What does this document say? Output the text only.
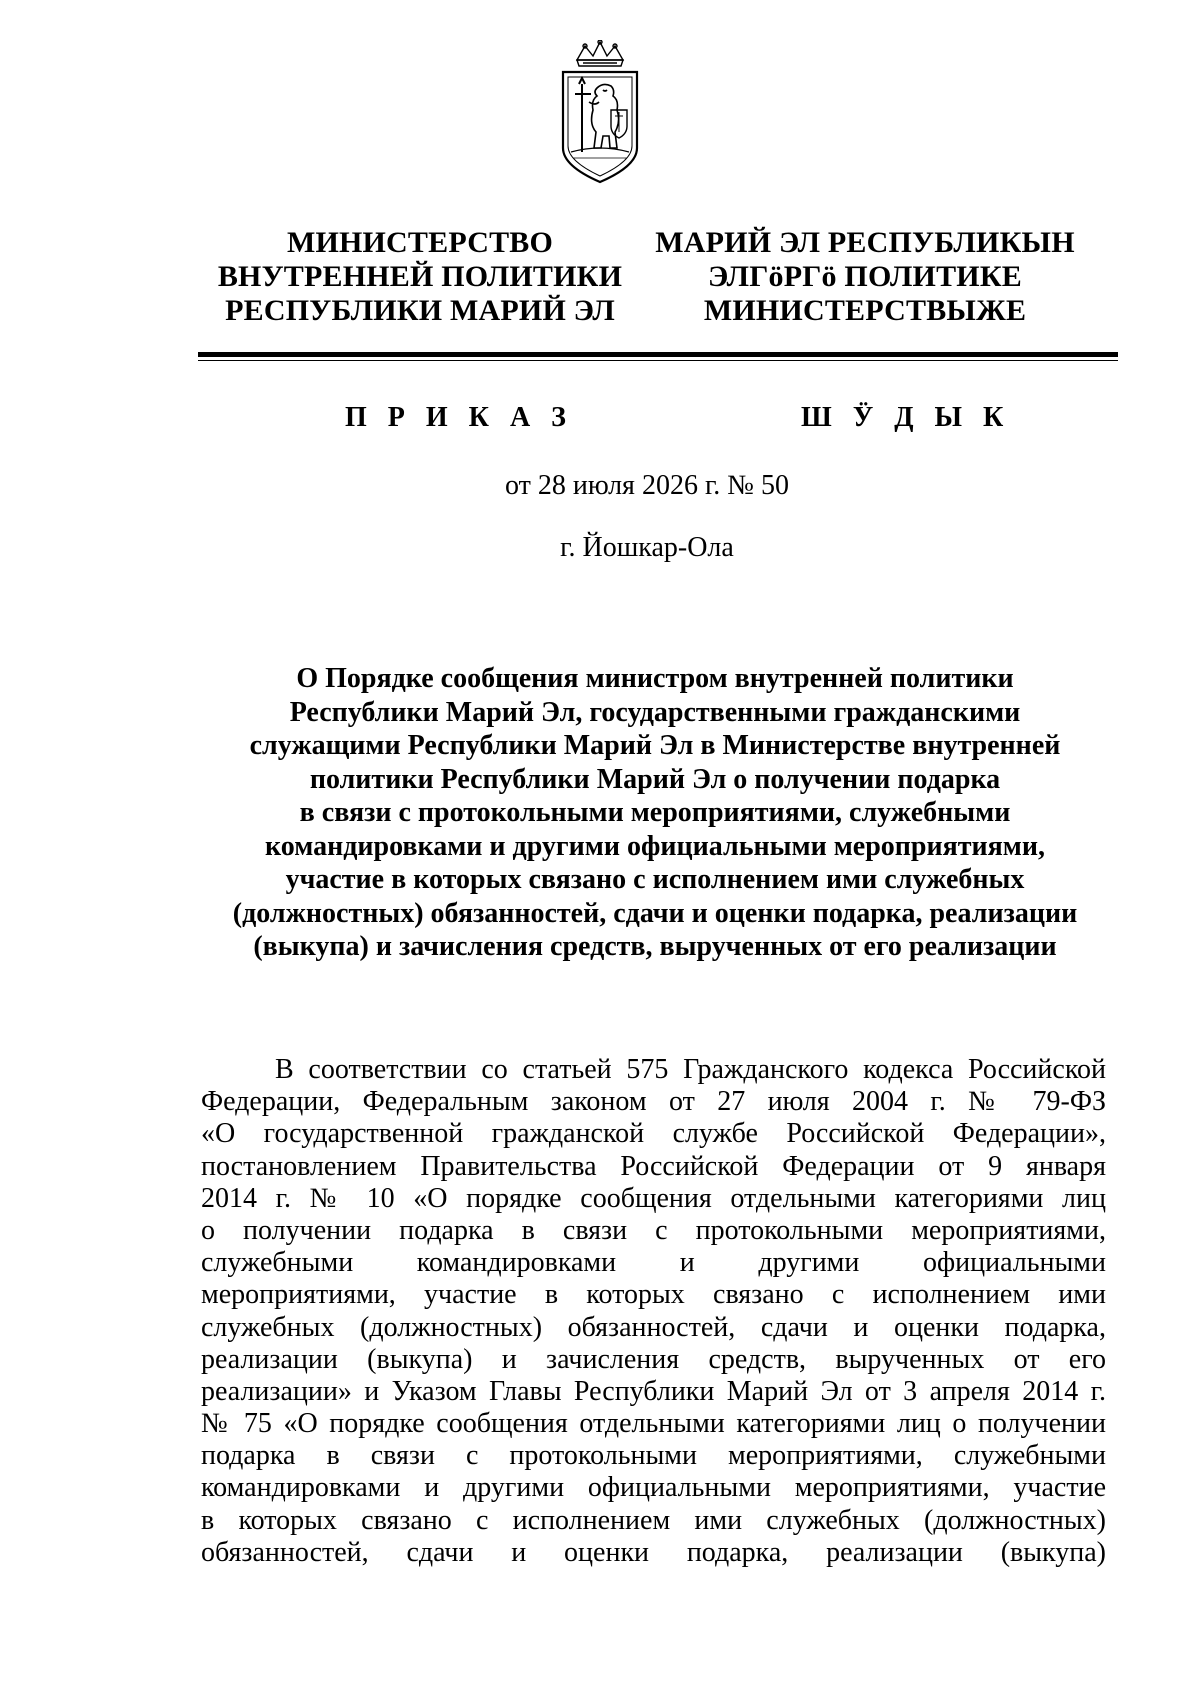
МИНИСТЕРСТВО
ВНУТРЕННЕЙ ПОЛИТИКИ
РЕСПУБЛИКИ МАРИЙ ЭЛ
МАРИЙ ЭЛ РЕСПУБЛИКЫН
ЭЛГӧРГӧ ПОЛИТИКЕ
МИНИСТЕРСТВЫЖЕ
П Р И К А З	Ш Ӱ Д Ы К
от 28 июля 2026 г. № 50
г. Йошкар-Ола
О Порядке сообщения министром внутренней политики
Республики Марий Эл, государственными гражданскими
служащими Республики Марий Эл в Министерстве внутренней
политики Республики Марий Эл о получении подарка
в связи с протокольными мероприятиями, служебными
командировками и другими официальными мероприятиями,
участие в которых связано с исполнением ими служебных
(должностных) обязанностей, сдачи и оценки подарка, реализации
(выкупа) и зачисления средств, вырученных от его реализации
В соответствии со статьей 575 Гражданского кодекса Российской
Федерации, Федеральным законом от 27 июля 2004 г. № 79-ФЗ
«О государственной гражданской службе Российской Федерации»,
постановлением Правительства Российской Федерации от 9 января
2014 г. № 10 «О порядке сообщения отдельными категориями лиц
о получении подарка в связи с протокольными мероприятиями,
служебными командировками и другими официальными
мероприятиями, участие в которых связано с исполнением ими
служебных (должностных) обязанностей, сдачи и оценки подарка,
реализации (выкупа) и зачисления средств, вырученных от его
реализации» и Указом Главы Республики Марий Эл от 3 апреля 2014 г.
№ 75 «О порядке сообщения отдельными категориями лиц о получении
подарка в связи с протокольными мероприятиями, служебными
командировками и другими официальными мероприятиями, участие
в которых связано с исполнением ими служебных (должностных)
обязанностей, сдачи и оценки подарка, реализации (выкупа)
